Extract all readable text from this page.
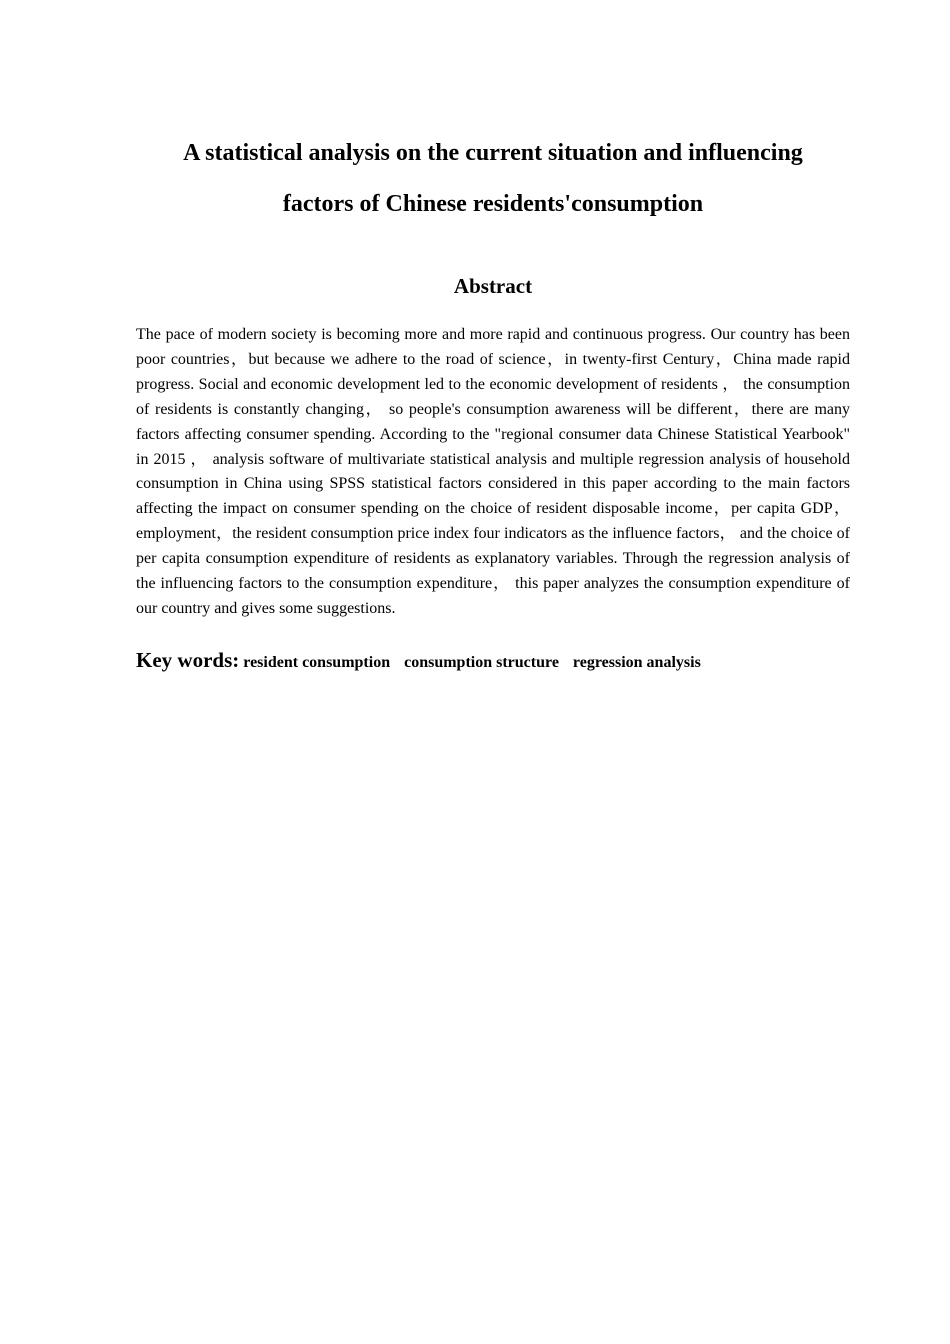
A statistical analysis on the current situation and influencing
factors of Chinese residents'consumption
Abstract

The pace of modern society is becoming more and more rapid and continuous progress. Our country has been poor countries，but because we adhere to the road of science，in twenty-first Century，China made rapid progress. Social and economic development led to the economic development of residents ， the consumption of residents is constantly changing， so people's consumption awareness will be different，there are many factors affecting consumer spending. According to the "regional consumer data Chinese Statistical Yearbook" in 2015 ， analysis software of multivariate statistical analysis and multiple regression analysis of household consumption in China using SPSS statistical factors considered in this paper according to the main factors affecting the impact on consumer spending on the choice of resident disposable income，per capita GDP，employment，the resident consumption price index four indicators as the influence factors， and the choice of per capita consumption expenditure of residents as explanatory variables. Through the regression analysis of the influencing factors to the consumption expenditure， this paper analyzes the consumption expenditure of our country and gives some suggestions.

Key words: resident consumption consumption structure regression analysis
